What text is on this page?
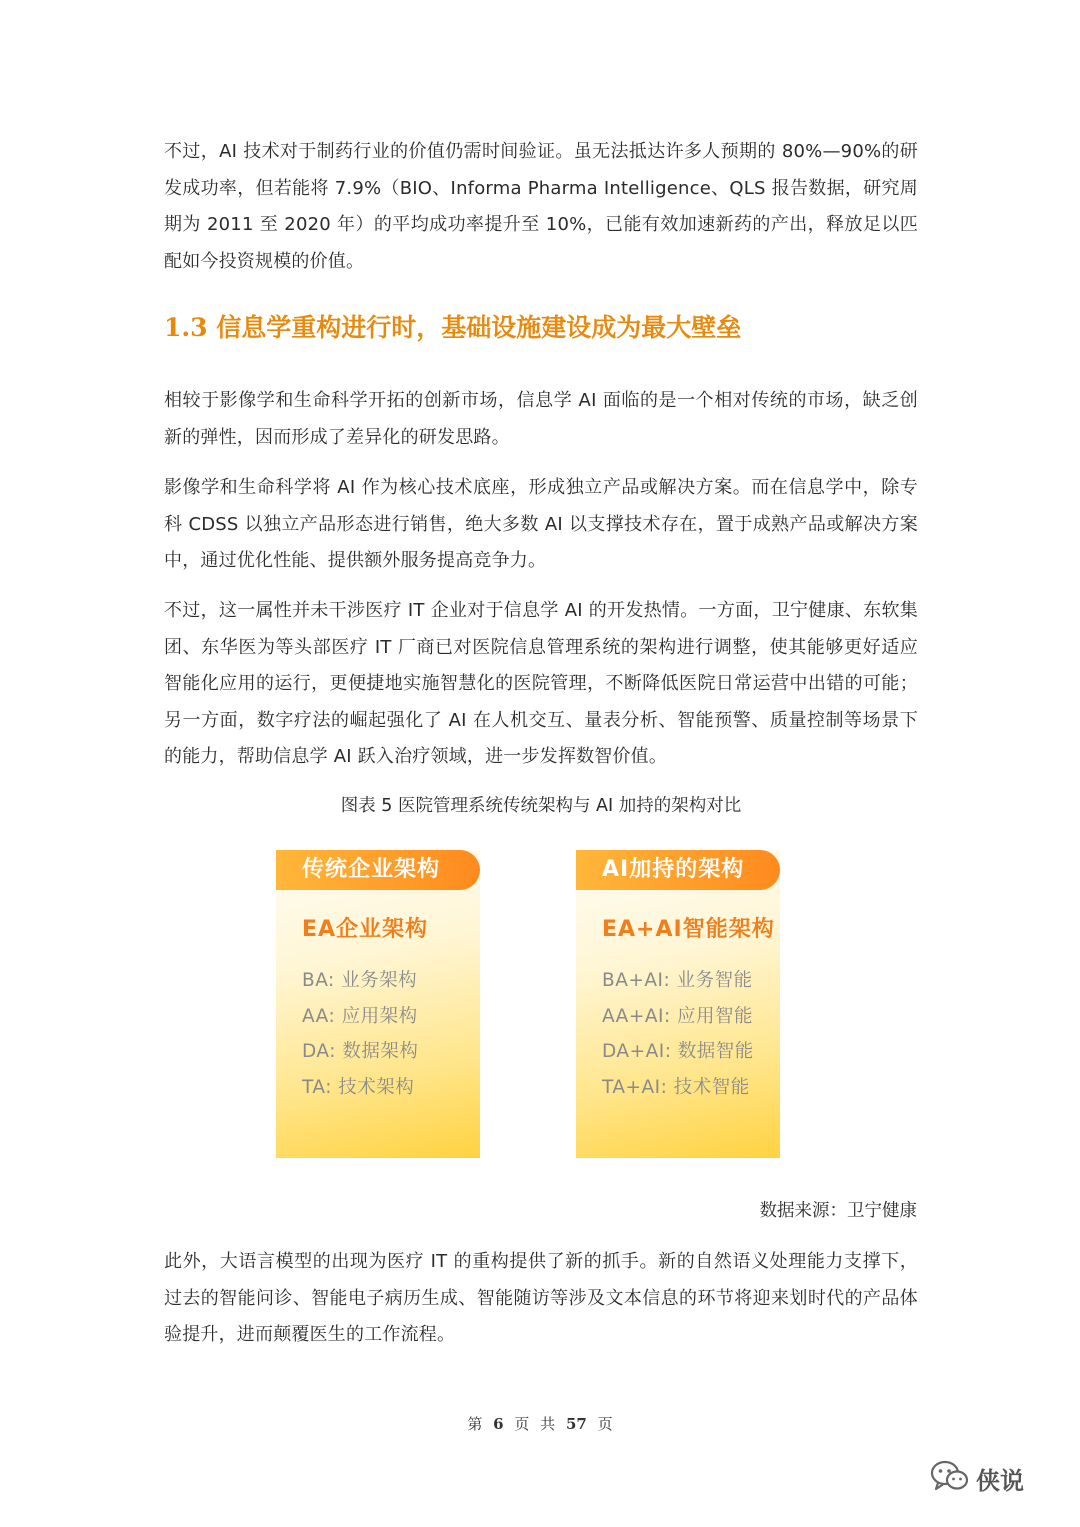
不过，AI 技术对于制药行业的价值仍需时间验证。虽无法抵达许多人预期的 80%—90%的研发成功率，但若能将 7.9%（BIO、Informa Pharma Intelligence、QLS 报告数据，研究周期为 2011 至 2020 年）的平均成功率提升至 10%，已能有效加速新药的产出，释放足以匹配如今投资规模的价值。

1.3 信息学重构进行时，基础设施建设成为最大壁垒

相较于影像学和生命科学开拓的创新市场，信息学 AI 面临的是一个相对传统的市场，缺乏创新的弹性，因而形成了差异化的研发思路。

影像学和生命科学将 AI 作为核心技术底座，形成独立产品或解决方案。而在信息学中，除专科 CDSS 以独立产品形态进行销售，绝大多数 AI 以支撑技术存在，置于成熟产品或解决方案中，通过优化性能、提供额外服务提高竞争力。

不过，这一属性并未干涉医疗 IT 企业对于信息学 AI 的开发热情。一方面，卫宁健康、东软集团、东华医为等头部医疗 IT 厂商已对医院信息管理系统的架构进行调整，使其能够更好适应智能化应用的运行，更便捷地实施智慧化的医院管理，不断降低医院日常运营中出错的可能；另一方面，数字疗法的崛起强化了 AI 在人机交互、量表分析、智能预警、质量控制等场景下的能力，帮助信息学 AI 跃入治疗领域，进一步发挥数智价值。

图表 5 医院管理系统传统架构与 AI 加持的架构对比

传统企业架构
EA企业架构
BA: 业务架构
AA: 应用架构
DA: 数据架构
TA: 技术架构
AI加持的架构
EA+AI智能架构
BA+AI: 业务智能
AA+AI: 应用智能
DA+AI: 数据智能
TA+AI: 技术智能

数据来源：卫宁健康

此外，大语言模型的出现为医疗 IT 的重构提供了新的抓手。新的自然语义处理能力支撑下，过去的智能问诊、智能电子病历生成、智能随访等涉及文本信息的环节将迎来划时代的产品体验提升，进而颠覆医生的工作流程。

第 6 页 共 57 页
侠说
